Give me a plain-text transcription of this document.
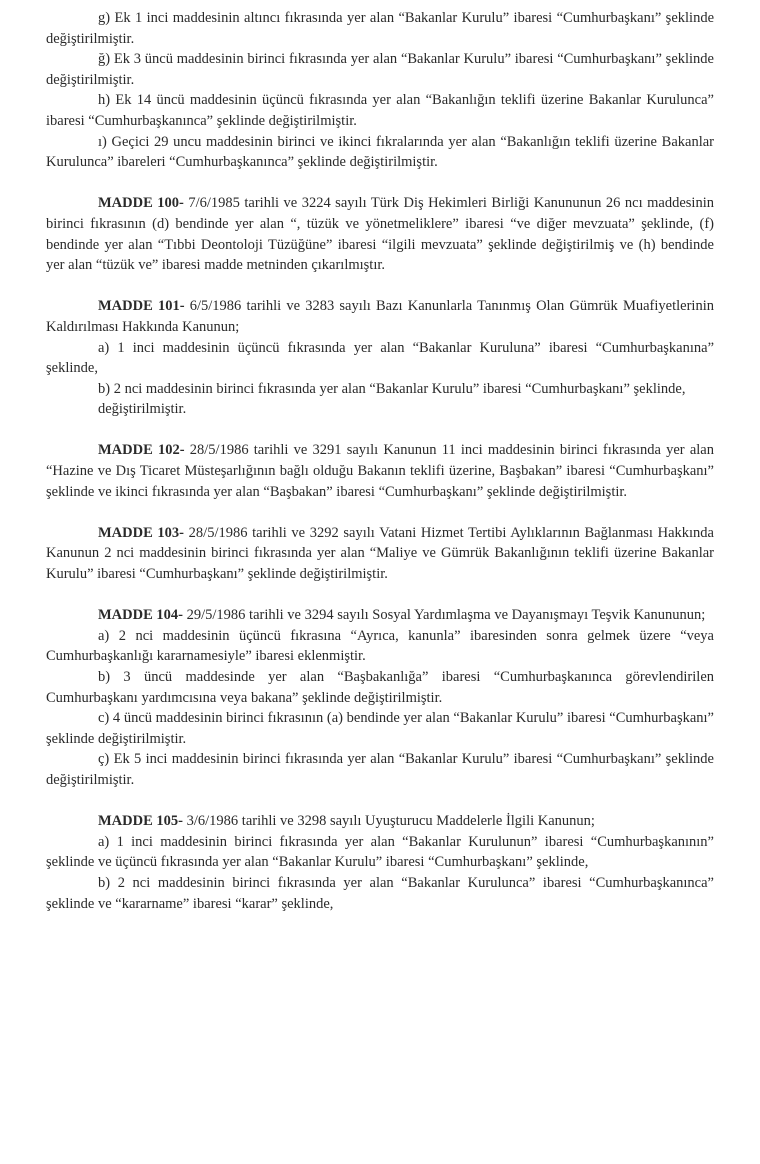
g) Ek 1 inci maddesinin altıncı fıkrasında yer alan “Bakanlar Kurulu” ibaresi “Cumhurbaşkanı” şeklinde değiştirilmiştir.

ğ) Ek 3 üncü maddesinin birinci fıkrasında yer alan “Bakanlar Kurulu” ibaresi “Cumhurbaşkanı” şeklinde değiştirilmiştir.

h) Ek 14 üncü maddesinin üçüncü fıkrasında yer alan “Bakanlığın teklifi üzerine Bakanlar Kurulunca” ibaresi “Cumhurbaşkanınca” şeklinde değiştirilmiştir.

ı) Geçici 29 uncu maddesinin birinci ve ikinci fıkralarında yer alan “Bakanlığın teklifi üzerine Bakanlar Kurulunca” ibareleri “Cumhurbaşkanınca” şeklinde değiştirilmiştir.

MADDE 100- 7/6/1985 tarihli ve 3224 sayılı Türk Diş Hekimleri Birliği Kanununun 26 ncı maddesinin birinci fıkrasının (d) bendinde yer alan “, tüzük ve yönetmeliklere” ibaresi “ve diğer mevzuata” şeklinde, (f) bendinde yer alan “Tıbbi Deontoloji Tüzüğüne” ibaresi “ilgili mevzuata” şeklinde değiştirilmiş ve (h) bendinde yer alan “tüzük ve” ibaresi madde metninden çıkarılmıştır.

MADDE 101- 6/5/1986 tarihli ve 3283 sayılı Bazı Kanunlarla Tanınmış Olan Gümrük Muafiyetlerinin Kaldırılması Hakkında Kanunun;

a) 1 inci maddesinin üçüncü fıkrasında yer alan “Bakanlar Kuruluna” ibaresi “Cumhurbaşkanına” şeklinde,

b) 2 nci maddesinin birinci fıkrasında yer alan “Bakanlar Kurulu” ibaresi “Cumhurbaşkanı” şeklinde,

değiştirilmiştir.

MADDE 102- 28/5/1986 tarihli ve 3291 sayılı Kanunun 11 inci maddesinin birinci fıkrasında yer alan “Hazine ve Dış Ticaret Müsteşarlığının bağlı olduğu Bakanın teklifi üzerine, Başbakan” ibaresi “Cumhurbaşkanı” şeklinde ve ikinci fıkrasında yer alan “Başbakan” ibaresi “Cumhurbaşkanı” şeklinde değiştirilmiştir.

MADDE 103- 28/5/1986 tarihli ve 3292 sayılı Vatani Hizmet Tertibi Aylıklarının Bağlanması Hakkında Kanunun 2 nci maddesinin birinci fıkrasında yer alan “Maliye ve Gümrük Bakanlığının teklifi üzerine Bakanlar Kurulu” ibaresi “Cumhurbaşkanı” şeklinde değiştirilmiştir.

MADDE 104- 29/5/1986 tarihli ve 3294 sayılı Sosyal Yardımlaşma ve Dayanışmayı Teşvik Kanununun;

a) 2 nci maddesinin üçüncü fıkrasına “Ayrıca, kanunla” ibaresinden sonra gelmek üzere “veya Cumhurbaşkanlığı kararnamesiyle” ibaresi eklenmiştir.

b) 3 üncü maddesinde yer alan “Başbakanlığa” ibaresi “Cumhurbaşkanınca görevlendirilen Cumhurbaşkanı yardımcısına veya bakana” şeklinde değiştirilmiştir.

c) 4 üncü maddesinin birinci fıkrasının (a) bendinde yer alan “Bakanlar Kurulu” ibaresi “Cumhurbaşkanı” şeklinde değiştirilmiştir.

ç) Ek 5 inci maddesinin birinci fıkrasında yer alan “Bakanlar Kurulu” ibaresi “Cumhurbaşkanı” şeklinde değiştirilmiştir.

MADDE 105- 3/6/1986 tarihli ve 3298 sayılı Uyuşturucu Maddelerle İlgili Kanunun;

a) 1 inci maddesinin birinci fıkrasında yer alan “Bakanlar Kurulunun” ibaresi “Cumhurbaşkanının” şeklinde ve üçüncü fıkrasında yer alan “Bakanlar Kurulu” ibaresi “Cumhurbaşkanı” şeklinde,

b) 2 nci maddesinin birinci fıkrasında yer alan “Bakanlar Kurulunca” ibaresi “Cumhurbaşkanınca” şeklinde ve “kararname” ibaresi “karar” şeklinde,
